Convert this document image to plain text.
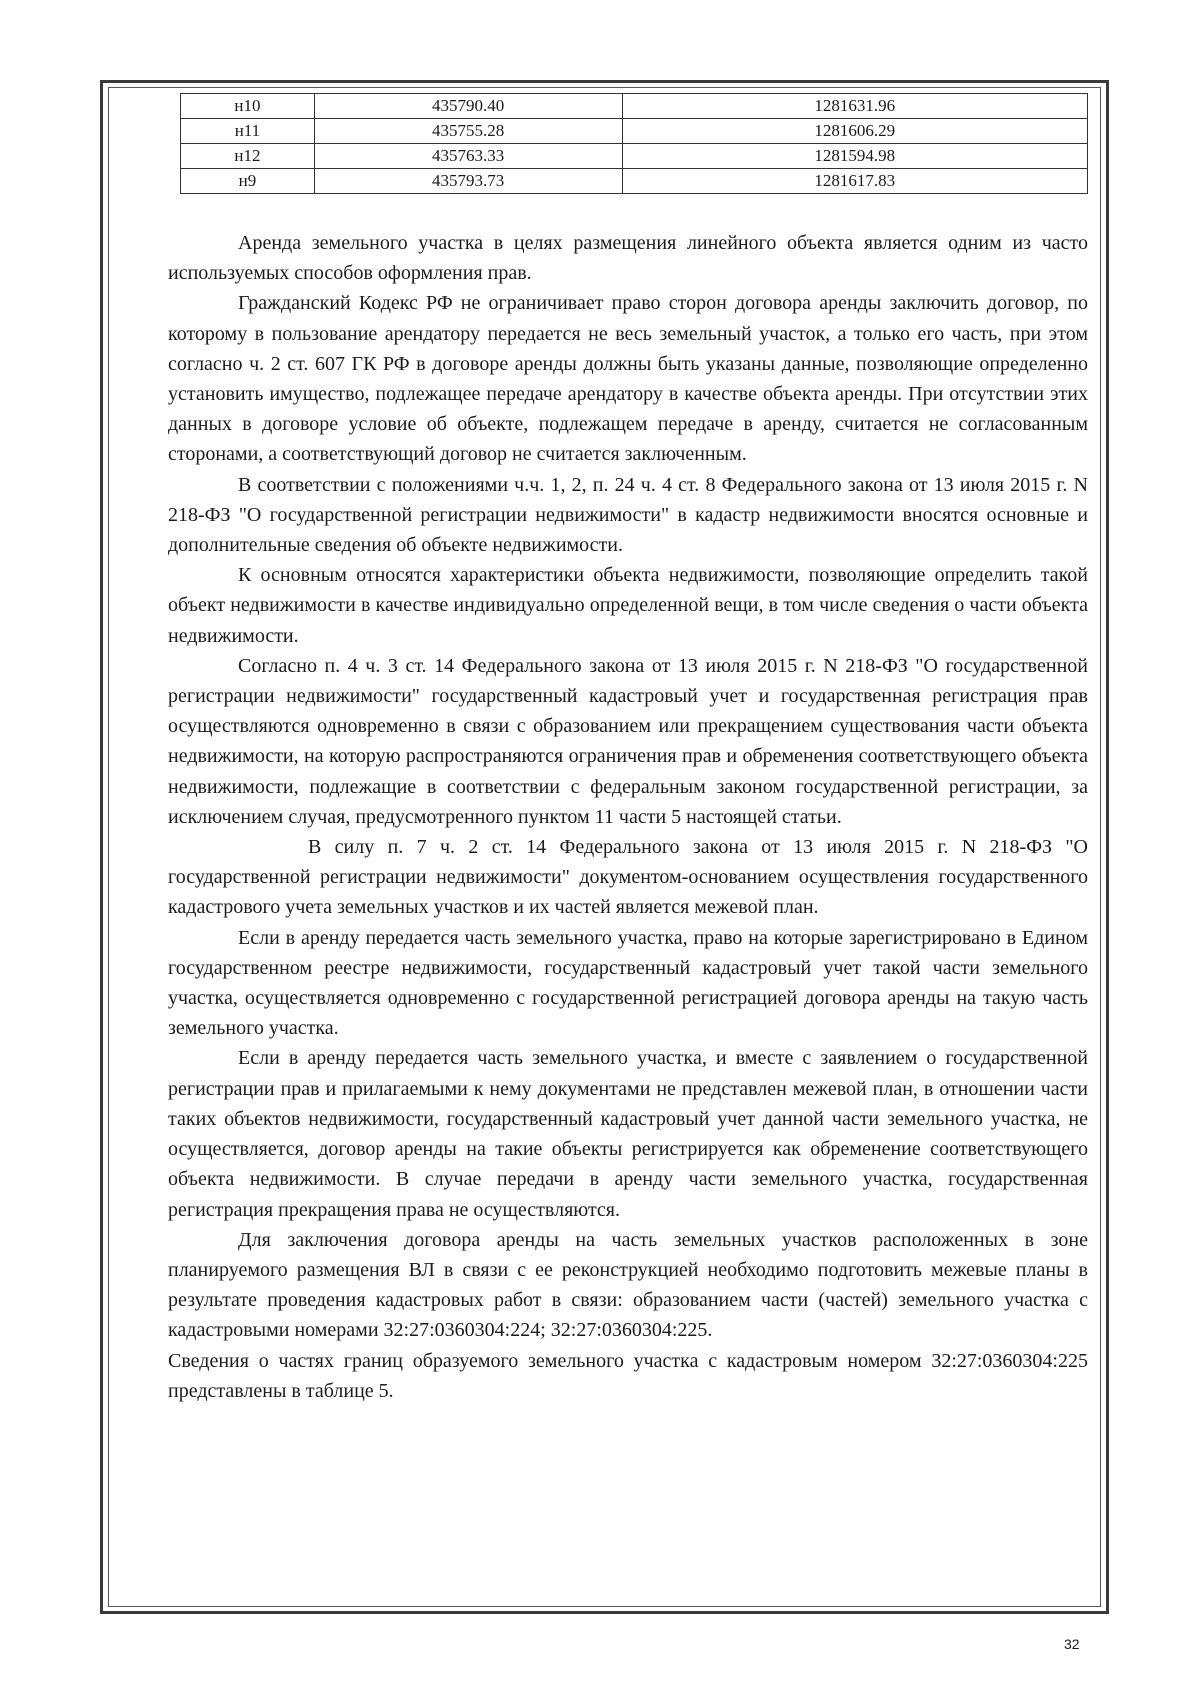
н10	435790.40	1281631.96
н11	435755.28	1281606.29
н12	435763.33	1281594.98
н9	435793.73	1281617.83

Аренда земельного участка в целях размещения линейного объекта является одним из часто используемых способов оформления прав.

Гражданский Кодекс РФ не ограничивает право сторон договора аренды заключить договор, по которому в пользование арендатору передается не весь земельный участок, а только его часть, при этом согласно ч. 2 ст. 607 ГК РФ в договоре аренды должны быть указаны данные, позволяющие определенно установить имущество, подлежащее передаче арендатору в качестве объекта аренды. При отсутствии этих данных в договоре условие об объекте, подлежащем передаче в аренду, считается не согласованным сторонами, а соответствующий договор не считается заключенным.

В соответствии с положениями ч.ч. 1, 2, п. 24 ч. 4 ст. 8 Федерального закона от 13 июля 2015 г. N 218-ФЗ "О государственной регистрации недвижимости" в кадастр недвижимости вносятся основные и дополнительные сведения об объекте недвижимости.

К основным относятся характеристики объекта недвижимости, позволяющие определить такой объект недвижимости в качестве индивидуально определенной вещи, в том числе сведения о части объекта недвижимости.

Согласно п. 4 ч. 3 ст. 14 Федерального закона от 13 июля 2015 г. N 218-ФЗ "О государственной регистрации недвижимости" государственный кадастровый учет и государственная регистрация прав осуществляются одновременно в связи с образованием или прекращением существования части объекта недвижимости, на которую распространяются ограничения прав и обременения соответствующего объекта недвижимости, подлежащие в соответствии с федеральным законом государственной регистрации, за исключением случая, предусмотренного пунктом 11 части 5 настоящей статьи.

В силу п. 7 ч. 2 ст. 14 Федерального закона от 13 июля 2015 г. N 218-ФЗ "О государственной регистрации недвижимости" документом-основанием осуществления государственного кадастрового учета земельных участков и их частей является межевой план.

Если в аренду передается часть земельного участка, право на которые зарегистрировано в Едином государственном реестре недвижимости, государственный кадастровый учет такой части земельного участка, осуществляется одновременно с государственной регистрацией договора аренды на такую часть земельного участка.

Если в аренду передается часть земельного участка, и вместе с заявлением о государственной регистрации прав и прилагаемыми к нему документами не представлен межевой план, в отношении части таких объектов недвижимости, государственный кадастровый учет данной части земельного участка, не осуществляется, договор аренды на такие объекты регистрируется как обременение соответствующего объекта недвижимости. В случае передачи в аренду части земельного участка, государственная регистрация прекращения права не осуществляются.

Для заключения договора аренды на часть земельных участков расположенных в зоне планируемого размещения ВЛ в связи с ее реконструкцией необходимо подготовить межевые планы в результате проведения кадастровых работ в связи: образованием части (частей) земельного участка с кадастровыми номерами 32:27:0360304:224; 32:27:0360304:225.

Сведения о частях границ образуемого земельного участка с кадастровым номером 32:27:0360304:225 представлены в таблице 5.

32
